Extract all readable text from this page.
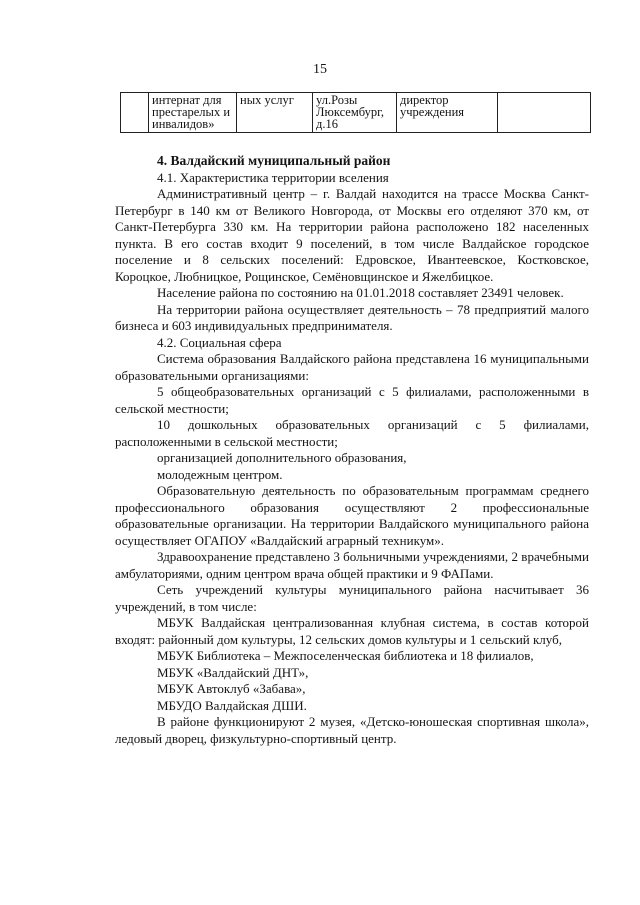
15
	интернат для престарелых и инвалидов»	ных услуг	ул.Розы Люксембург, д.16	директор учреждения	

4. Валдайский муниципальный район

4.1. Характеристика территории вселения

Административный центр – г. Валдай находится на трассе Москва Санкт-Петербург в 140 км от Великого Новгорода, от Москвы его отделяют 370 км, от Санкт-Петербурга 330 км. На территории района расположено 182 населенных пункта. В его состав входит 9 поселений, в том числе Валдайское городское поселение и 8 сельских поселений: Едровское, Ивантеевское, Костковское, Короцкое, Любницкое, Рощинское, Семёновщинское и Яжелбицкое.

Население района по состоянию на 01.01.2018 составляет 23491 человек.

На территории района осуществляет деятельность – 78 предприятий малого бизнеса и 603 индивидуальных предпринимателя.

4.2. Социальная сфера

Система образования Валдайского района представлена 16 муниципальными образовательными организациями:

5 общеобразовательных организаций с 5 филиалами, расположенными в сельской местности;

10 дошкольных образовательных организаций с 5 филиалами, расположенными в сельской местности;

организацией дополнительного образования,

молодежным центром.

Образовательную деятельность по образовательным программам среднего профессионального образования осуществляют 2 профессиональные образовательные организации. На территории Валдайского муниципального района осуществляет ОГАПОУ «Валдайский аграрный техникум».

Здравоохранение представлено 3 больничными учреждениями, 2 врачебными амбулаториями, одним центром врача общей практики и 9 ФАПами.

Сеть учреждений культуры муниципального района насчитывает 36 учреждений, в том числе:

МБУК Валдайская централизованная клубная система, в состав которой входят: районный дом культуры, 12 сельских домов культуры и 1 сельский клуб,

МБУК Библиотека – Межпоселенческая библиотека и 18 филиалов,

МБУК «Валдайский ДНТ»,

МБУК Автоклуб «Забава»,

МБУДО Валдайская ДШИ.

В районе функционируют 2 музея, «Детско-юношеская спортивная школа», ледовый дворец, физкультурно-спортивный центр.
